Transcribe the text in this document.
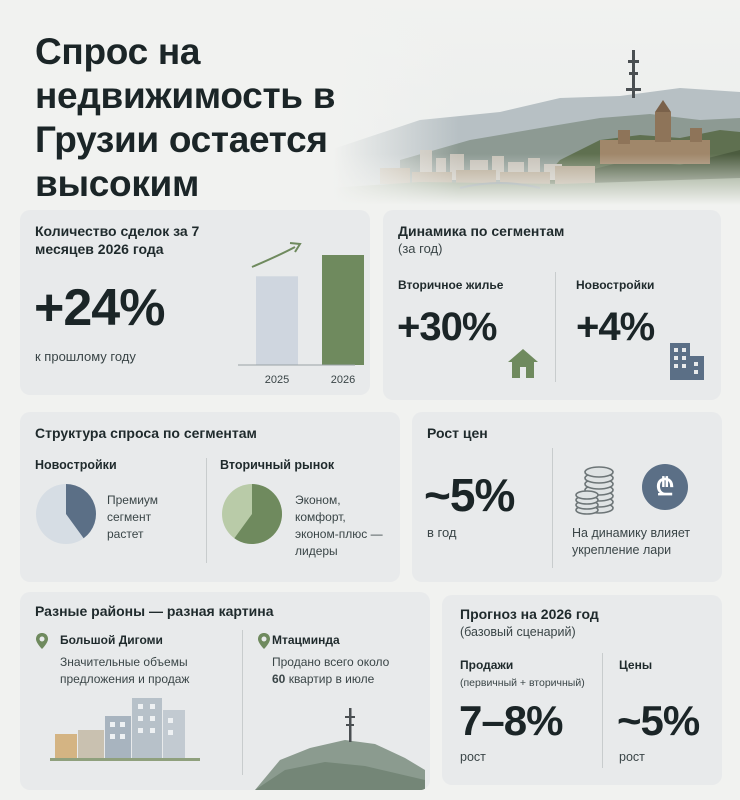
Спрос на недвижимость в Грузии остается высоким
Количество сделок за 7 месяцев 2026 года
+24%
к прошлому году
2025	2026
Динамика по сегментам
(за год)
Вторичное жилье
+30%
Новостройки
+4%
Структура спроса по сегментам
Новостройки
Премиум сегмент растет
Вторичный рынок
Эконом, комфорт, эконом-плюс — лидеры
Рост цен
~5%
в год
₾
На динамику влияет укрепление лари
Разные районы — разная картина
Большой Дигоми
Значительные объемы предложения и продаж
Мтацминда
Продано всего около 60 квартир в июле
Прогноз на 2026 год
(базовый сценарий)
Продажи
(первичный + вторичный)
7–8%
рост
Цены
~5%
рост
